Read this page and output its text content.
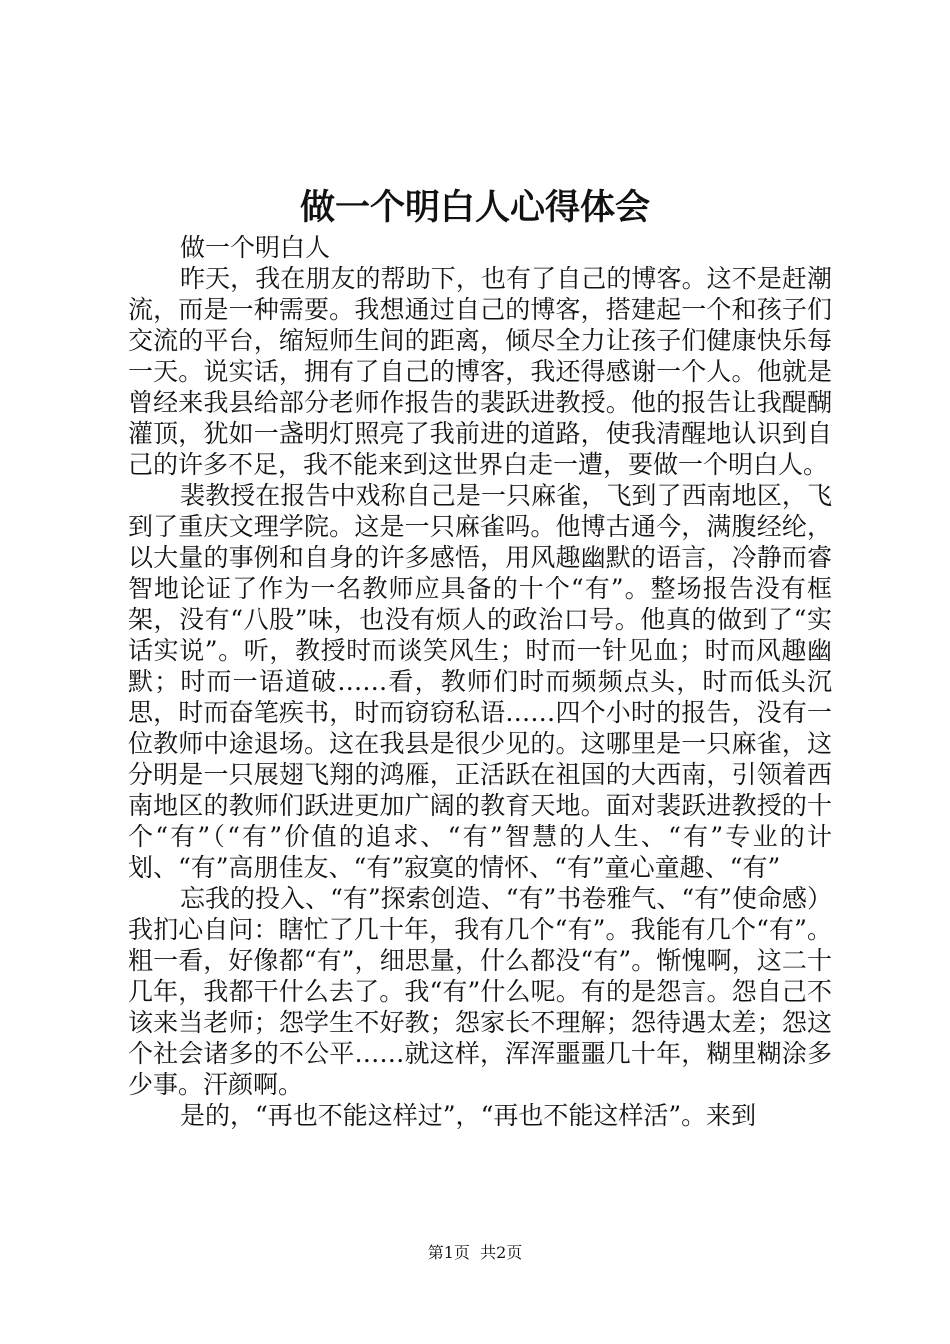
做一个明白人心得体会

做一个明白人

昨天，我在朋友的帮助下，也有了自己的博客。这不是赶潮流，而是一种需要。我想通过自己的博客，搭建起一个和孩子们交流的平台，缩短师生间的距离，倾尽全力让孩子们健康快乐每一天。说实话，拥有了自己的博客，我还得感谢一个人。他就是曾经来我县给部分老师作报告的裴跃进教授。他的报告让我醍醐灌顶，犹如一盏明灯照亮了我前进的道路，使我清醒地认识到自己的许多不足，我不能来到这世界白走一遭，要做一个明白人。

裴教授在报告中戏称自己是一只麻雀，飞到了西南地区，飞到了重庆文理学院。这是一只麻雀吗。他博古通今，满腹经纶，以大量的事例和自身的许多感悟，用风趣幽默的语言，冷静而睿智地论证了作为一名教师应具备的十个“有”。整场报告没有框架，没有“八股”味，也没有烦人的政治口号。他真的做到了“实话实说”。听，教授时而谈笑风生；时而一针见血；时而风趣幽默；时而一语道破……看，教师们时而频频点头，时而低头沉思，时而奋笔疾书，时而窃窃私语……四个小时的报告，没有一位教师中途退场。这在我县是很少见的。这哪里是一只麻雀，这分明是一只展翅飞翔的鸿雁，正活跃在祖国的大西南，引领着西南地区的教师们跃进更加广阔的教育天地。面对裴跃进教授的十个“有”（“有”价值的追求、“有”智慧的人生、“有”专业的计划、“有”高朋佳友、“有”寂寞的情怀、“有”童心童趣、“有”

忘我的投入、“有”探索创造、“有”书卷雅气、“有”使命感）我扪心自问：瞎忙了几十年，我有几个“有”。我能有几个“有”。粗一看，好像都“有”，细思量，什么都没“有”。惭愧啊，这二十几年，我都干什么去了。我“有”什么呢。有的是怨言。怨自己不该来当老师；怨学生不好教；怨家长不理解；怨待遇太差；怨这个社会诸多的不公平……就这样，浑浑噩噩几十年，糊里糊涂多少事。汗颜啊。

是的，“再也不能这样过”，“再也不能这样活”。来到

第1页 共2页
